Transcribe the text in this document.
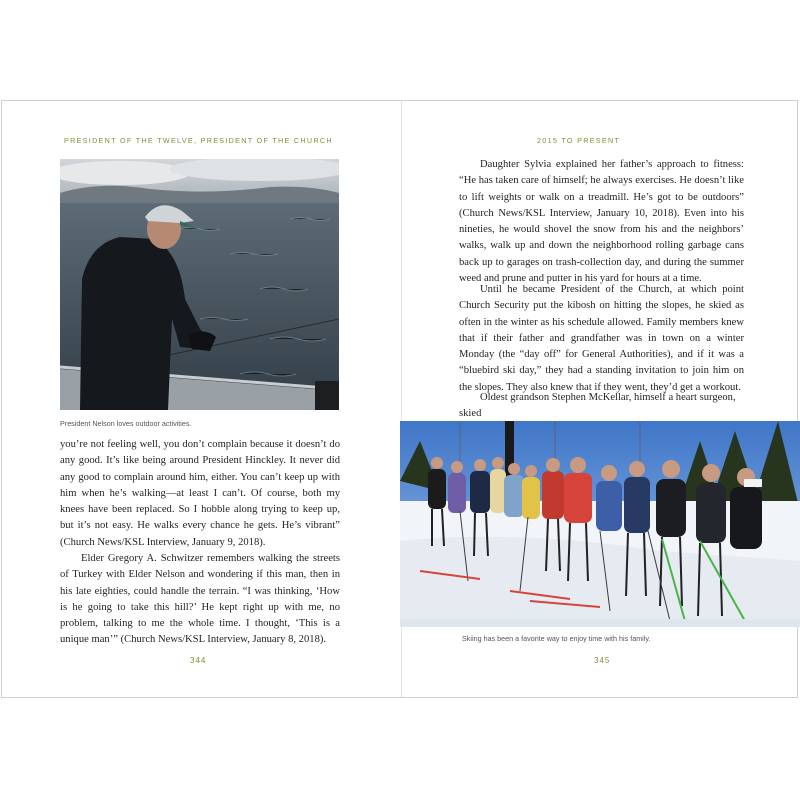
PRESIDENT OF THE TWELVE, PRESIDENT OF THE CHURCH
President Nelson loves outdoor activities.

you’re not feeling well, you don’t complain because it doesn’t do any good. It’s like being around President Hinckley. It never did any good to complain around him, either. You can’t keep up with him when he’s walking—at least I can’t. Of course, both my knees have been replaced. So I hobble along trying to keep up, but it’s not easy. He walks every chance he gets. He’s vibrant” (Church News/KSL Interview, January 9, 2018).

Elder Gregory A. Schwitzer remembers walking the streets of Turkey with Elder Nelson and wondering if this man, then in his late eighties, could handle the terrain. “I was thinking, ‘How is he going to take this hill?’ He kept right up with me, no problem, talking to me the whole time. I thought, ‘This is a unique man’” (Church News/KSL Interview, January 8, 2018).

344
2015 TO PRESENT

Daughter Sylvia explained her father’s approach to fitness: “He has taken care of himself; he always exercises. He doesn’t like to lift weights or walk on a treadmill. He’s got to be outdoors” (Church News/KSL Interview, January 10, 2018). Even into his nineties, he would shovel the snow from his and the neighbors’ walks, walk up and down the neighborhood rolling garbage cans back up to garages on trash-collection day, and during the summer weed and prune and putter in his yard for hours at a time.

Until he became President of the Church, at which point Church Security put the kibosh on hitting the slopes, he skied as often in the winter as his schedule allowed. Family members knew that if their father and grandfather was in town on a winter Monday (the “day off” for General Authorities), and if it was a “bluebird ski day,” they had a standing invitation to join him on the slopes. They also knew that if they went, they’d get a workout.

Oldest grandson Stephen McKellar, himself a heart surgeon, skied

Skiing has been a favorite way to enjoy time with his family.
345
